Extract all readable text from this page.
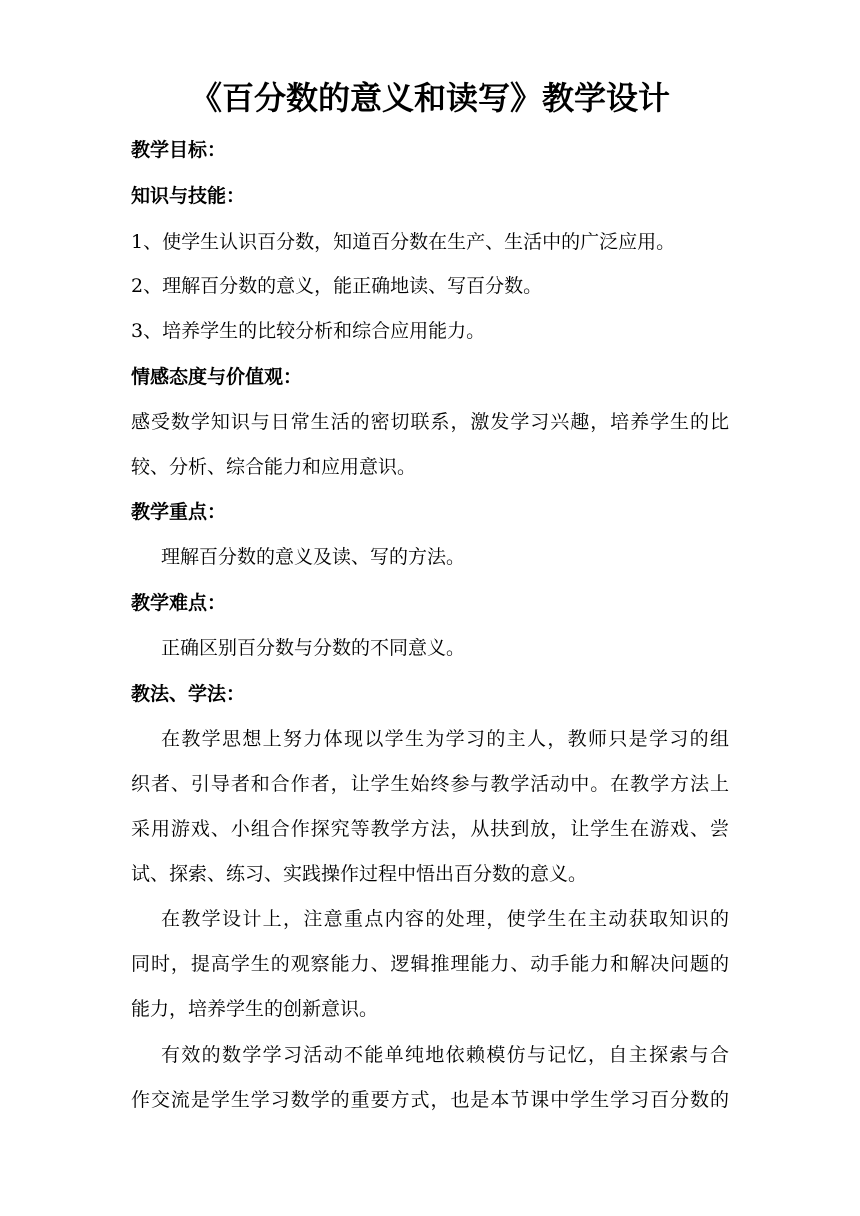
《百分数的意义和读写》教学设计
教学目标：
知识与技能：
1、使学生认识百分数，知道百分数在生产、生活中的广泛应用。
2、理解百分数的意义，能正确地读、写百分数。
3、培养学生的比较分析和综合应用能力。
情感态度与价值观：
感受数学知识与日常生活的密切联系，激发学习兴趣，培养学生的比
较、分析、综合能力和应用意识。
教学重点：
理解百分数的意义及读、写的方法。
教学难点：
正确区别百分数与分数的不同意义。
教法、学法：
在教学思想上努力体现以学生为学习的主人，教师只是学习的组
织者、引导者和合作者，让学生始终参与教学活动中。在教学方法上
采用游戏、小组合作探究等教学方法，从扶到放，让学生在游戏、尝
试、探索、练习、实践操作过程中悟出百分数的意义。
在教学设计上，注意重点内容的处理，使学生在主动获取知识的
同时，提高学生的观察能力、逻辑推理能力、动手能力和解决问题的
能力，培养学生的创新意识。
有效的数学学习活动不能单纯地依赖模仿与记忆，自主探索与合
作交流是学生学习数学的重要方式，也是本节课中学生学习百分数的
